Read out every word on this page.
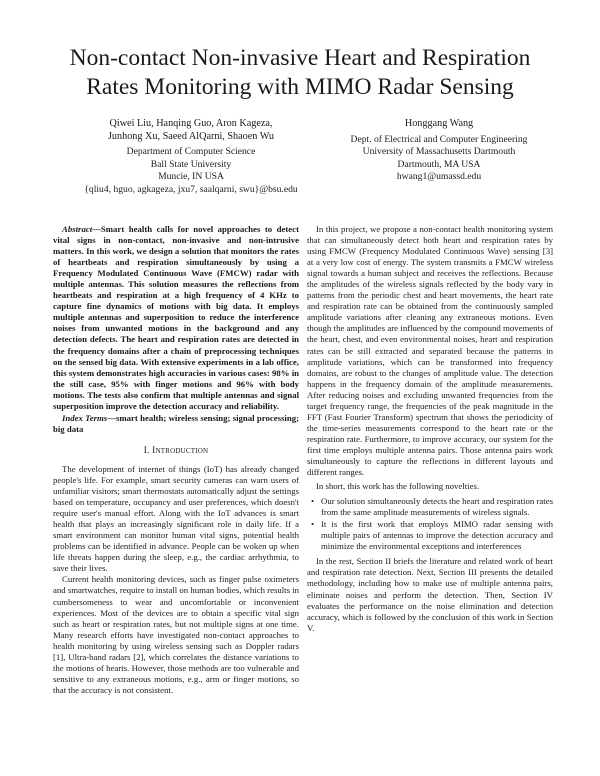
Non-contact Non-invasive Heart and Respiration
Rates Monitoring with MIMO Radar Sensing
Qiwei Liu, Hanqing Guo, Aron Kageza,
Junhong Xu, Saeed AlQarni, Shaoen Wu
Department of Computer Science
Ball State University
Muncie, IN USA
{qliu4, hguo, agkageza, jxu7, saalqarni, swu}@bsu.edu
Honggang Wang
Dept. of Electrical and Computer Engineering
University of Massachusetts Dartmouth
Dartmouth, MA USA
hwang1@umassd.edu

Abstract—Smart health calls for novel approaches to detect vital signs in non-contact, non-invasive and non-intrusive matters. In this work, we design a solution that monitors the rates of heartbeats and respiration simultaneously by using a Frequency Modulated Continuous Wave (FMCW) radar with multiple antennas. This solution measures the reflections from heartbeats and respiration at a high frequency of 4 KHz to capture fine dynamics of motions with big data. It employs multiple antennas and superposition to reduce the interference noises from unwanted motions in the background and any detection defects. The heart and respiration rates are detected in the frequency domains after a chain of preprocessing techniques on the sensed big data. With extensive experiments in a lab office, this system demonstrates high accuracies in various cases: 98% in the still case, 95% with finger motions and 96% with body motions. The tests also confirm that multiple antennas and signal superposition improve the detection accuracy and reliability.

Index Terms—smart health; wireless sensing; signal processing; big data

I. Introduction

The development of internet of things (IoT) has already changed people's life. For example, smart security cameras can warn users of unfamiliar visitors; smart thermostats automatically adjust the settings based on temperature, occupancy and user preferences, which doesn't require user's manual effort. Along with the IoT advances is smart health that plays an increasingly significant role in daily life. If a smart environment can monitor human vital signs, potential health problems can be identified in advance. People can be woken up when life threats happen during the sleep, e.g., the cardiac arrhythmia, to save their lives.

Current health monitoring devices, such as finger pulse oximeters and smartwatches, require to install on human bodies, which results in cumbersomeness to wear and uncomfortable or inconvenient experiences. Most of the devices are to obtain a specific vital sign such as heart or respiration rates, but not multiple signs at one time. Many research efforts have investigated non-contact approaches to health monitoring by using wireless sensing such as Doppler radars [1], Ultra-band radars [2], which correlates the distance variations to the motions of hearts. However, those methods are too vulnerable and sensitive to any extraneous motions, e.g., arm or finger motions, so that the accuracy is not consistent.

In this project, we propose a non-contact health monitoring system that can simultaneously detect both heart and respiration rates by using FMCW (Frequency Modulated Continuous Wave) sensing [3] at a very low cost of energy. The system transmits a FMCW wireless signal towards a human subject and receives the reflections. Because the amplitudes of the wireless signals reflected by the body vary in patterns from the periodic chest and heart movements, the heart rate and respiration rate can be obtained from the continuously sampled amplitude variations after cleaning any extraneous motions. Even though the amplitudes are influenced by the compound movements of the heart, chest, and even environmental noises, heart and respiration rates can be still extracted and separated because the patterns in amplitude variations, which can be transformed into frequency domains, are robust to the changes of amplitude value. The detection happens in the frequency domain of the amplitude measurements. After reducing noises and excluding unwanted frequencies from the target frequency range, the frequencies of the peak magnitude in the FFT (Fast Fourier Transform) spectrum that shows the periodicity of the time-series measurements correspond to the heart rate or the respiration rate. Furthermore, to improve accuracy, our system for the first time employs multiple antenna pairs. Those antenna pairs work simultaneously to capture the reflections in different layouts and different ranges.

In short, this work has the following novelties.

• Our solution simultaneously detects the heart and respiration rates from the same amplitude measurements of wireless signals.
• It is the first work that employs MIMO radar sensing with multiple pairs of antennas to improve the detection accuracy and minimize the environmental exceptions and interferences

In the rest, Section II briefs the literature and related work of heart and respiration rate detection. Next, Section III presents the detailed methodology, including how to make use of multiple antenna pairs, eliminate noises and perform the detection. Then, Section IV evaluates the performance on the noise elimination and detection accuracy, which is followed by the conclusion of this work in Section V.
